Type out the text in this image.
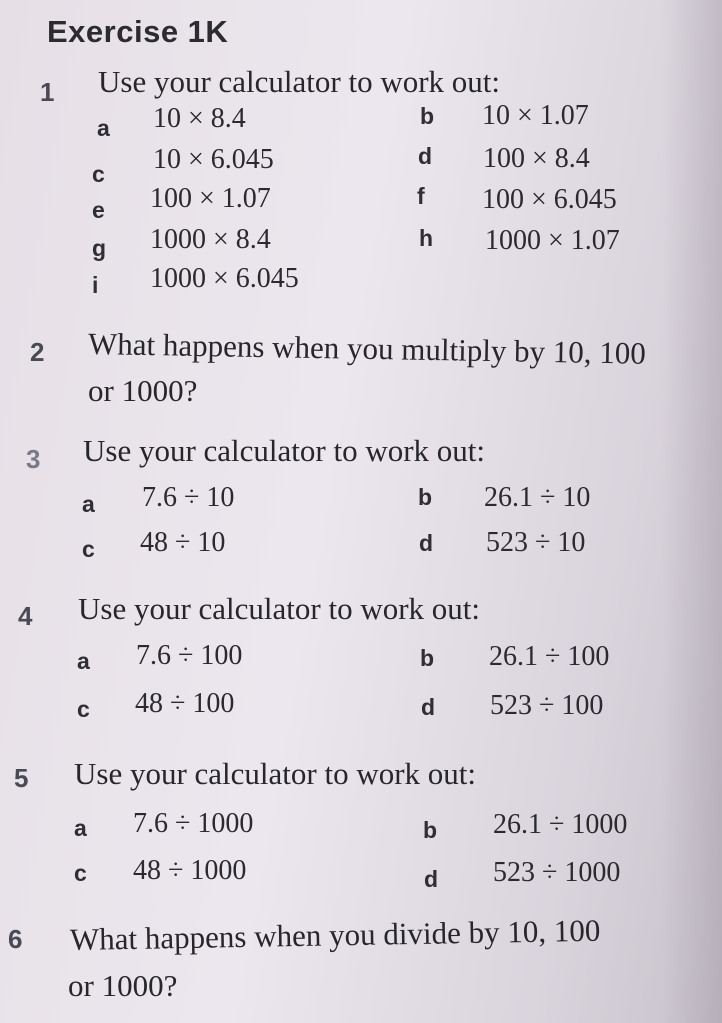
Exercise 1K
1 Use your calculator to work out:
a 10 × 8.4	b 10 × 1.07
c 10 × 6.045	d 100 × 8.4
e 100 × 1.07	f 100 × 6.045
g 1000 × 8.4	h 1000 × 1.07
i 1000 × 6.045
2 What happens when you multiply by 10, 100
or 1000?
3 Use your calculator to work out:
a 7.6 ÷ 10	b 26.1 ÷ 10
c 48 ÷ 10	d 523 ÷ 10
4 Use your calculator to work out:
a 7.6 ÷ 100	b 26.1 ÷ 100
c 48 ÷ 100	d 523 ÷ 100
5 Use your calculator to work out:
a 7.6 ÷ 1000	b 26.1 ÷ 1000
c 48 ÷ 1000	d 523 ÷ 1000
6 What happens when you divide by 10, 100
or 1000?
